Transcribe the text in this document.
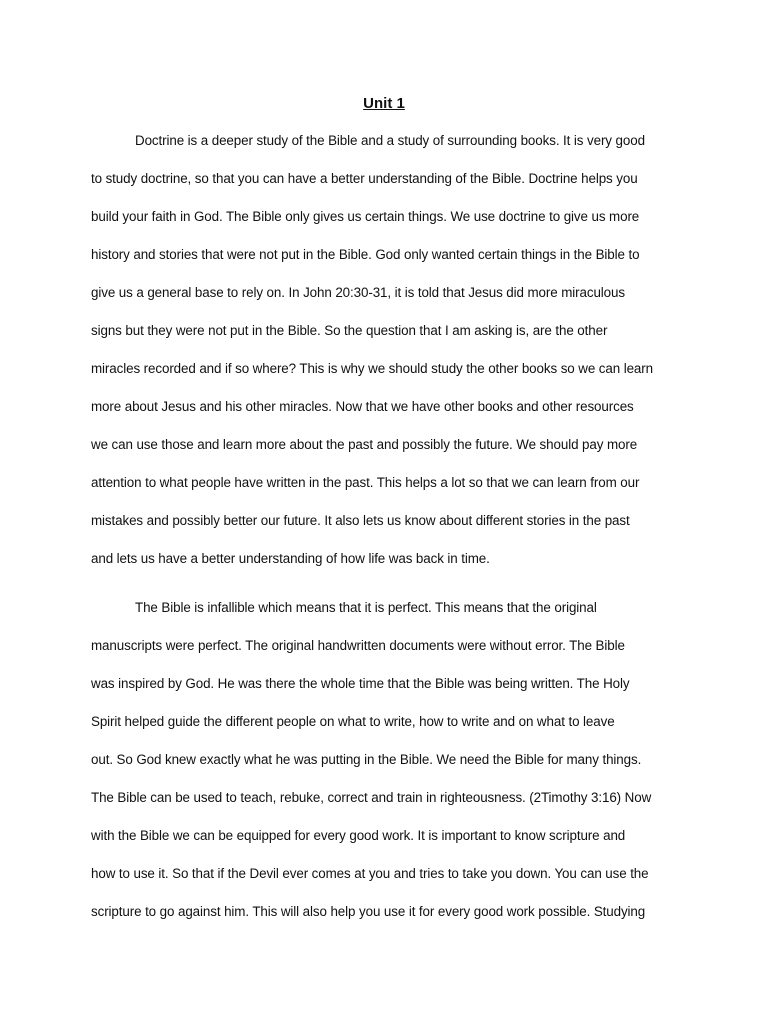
Unit 1
Doctrine is a deeper study of the Bible and a study of surrounding books. It is very good
to study doctrine, so that you can have a better understanding of the Bible. Doctrine helps you
build your faith in God. The Bible only gives us certain things. We use doctrine to give us more
history and stories that were not put in the Bible. God only wanted certain things in the Bible to
give us a general base to rely on. In John 20:30-31, it is told that Jesus did more miraculous
signs but they were not put in the Bible. So the question that I am asking is, are the other
miracles recorded and if so where? This is why we should study the other books so we can learn
more about Jesus and his other miracles. Now that we have other books and other resources
we can use those and learn more about the past and possibly the future. We should pay more
attention to what people have written in the past. This helps a lot so that we can learn from our
mistakes and possibly better our future. It also lets us know about different stories in the past
and lets us have a better understanding of how life was back in time.
The Bible is infallible which means that it is perfect. This means that the original
manuscripts were perfect. The original handwritten documents were without error. The Bible
was inspired by God. He was there the whole time that the Bible was being written. The Holy
Spirit helped guide the different people on what to write, how to write and on what to leave
out. So God knew exactly what he was putting in the Bible. We need the Bible for many things.
The Bible can be used to teach, rebuke, correct and train in righteousness. (2Timothy 3:16) Now
with the Bible we can be equipped for every good work. It is important to know scripture and
how to use it. So that if the Devil ever comes at you and tries to take you down. You can use the
scripture to go against him. This will also help you use it for every good work possible. Studying
